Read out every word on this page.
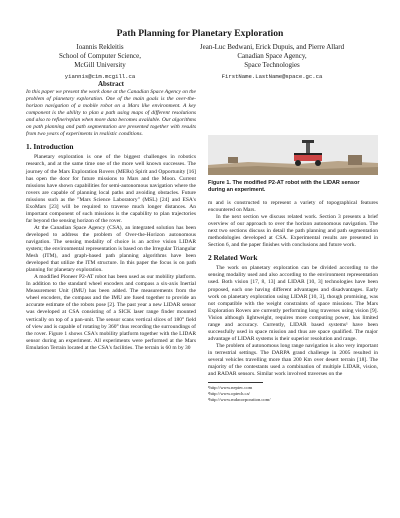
Path Planning for Planetary Exploration
Ioannis Rekleitis
School of Computer Science,
McGill University
yiannis@cim.mcgill.ca
Jean-Luc Bedwani, Erick Dupuis, and Pierre Allard
Canadian Space Agency,
Space Technologies
FirstName.LastName@space.gc.ca
Abstract

In this paper we present the work done at the Canadian Space Agency on the problem of planetary exploration. One of the main goals is the over-the-horizon navigation of a mobile robot on a Mars like environment. A key component is the ability to plan a path using maps of different resolutions and also to refine/replan when more data becomes available. Our algorithms on path planning and path segmentation are presented together with results from two years of experiments in realistic conditions.

1. Introduction

Planetary exploration is one of the biggest challenges in robotics research, and at the same time one of the more well known successes. The journey of the Mars Exploration Rovers (MERs) Spirit and Opportunity [16] has open the door for future missions to Mars and the Moon. Current missions have shown capabilities for semi-autonomous navigation where the rovers are capable of planning local paths and avoiding obstacles. Future missions such as the "Mars Science Laboratory" (MSL) [24] and ESA's ExoMars [23] will be required to traverse much longer distances. An important component of such missions is the capability to plan trajectories far beyond the sensing horizon of the rover.

At the Canadian Space Agency (CSA), an integrated solution has been developed to address the problem of Over-the-Horizon autonomous navigation. The sensing modality of choice is an active vision LIDAR system; the environmental representation is based on the Irregular Triangular Mesh (ITM), and graph-based path planning algorithms have been developed that utilize the ITM structure. In this paper the focus is on path planning for planetary exploration.

A modified Pioneer P2-AT robot has been used as our mobility platform. In addition to the standard wheel encoders and compass a six-axis Inertial Measurement Unit (IMU) has been added. The measurements from the wheel encoders, the compass and the IMU are fused together to provide an accurate estimate of the robots pose [2]. The past year a new LIDAR sensor was developed at CSA consisting of a SICK laser range finder mounted vertically on top of a pan-unit. The sensor scans vertical slices of 180° field of view and is capable of rotating by 360° thus recording the surroundings of the rover. Figure 1 shows CSA's mobility platform together with the LIDAR sensor during an experiment. All experiments were performed at the Mars Emulation Terrain located at the CSA's facilities. The terrain is 60 m by 30

Figure 1. The modified P2-AT robot with the LIDAR sensor during an experiment.

m and is constructed to represent a variety of topographical features encountered on Mars.

In the next section we discuss related work. Section 3 presents a brief overview of our approach to over the horizon autonomous navigation. The next two sections discuss in detail the path planning and path segmentation methodologies developed at CSA. Experimental results are presented in Section 6, and the paper finishes with conclusions and future work.

2 Related Work

The work on planetary exploration can be divided according to the sensing modality used and also according to the environment representation used. Both vision [17, 8, 13] and LIDAR [10, 3] technologies have been proposed, each one having different advantages and disadvantages. Early work on planetary exploration using LIDAR [10, 3], though promising, was not compatible with the weight constraints of space missions. The Mars Exploration Rovers are currently performing long traverses using vision [9]. Vision although lightweight, requires more computing power, has limited range and accuracy. Currently, LIDAR based systems¹ have been successfully used in space mission and thus are space qualified. The major advantage of LIDAR systems is their superior resolution and range.

The problem of autonomous long range navigation is also very important in terrestrial settings. The DARPA grand challenge in 2005 resulted in several vehicles travelling more than 200 Km over desert terrain [18]. The majority of the contestants used a combination of multiple LIDAR, vision, and RADAR sensors. Similar work involved traverses on the

¹http://www.neptec.com
²http://www.optech.ca/
³http://www.mdacorporation.com/
